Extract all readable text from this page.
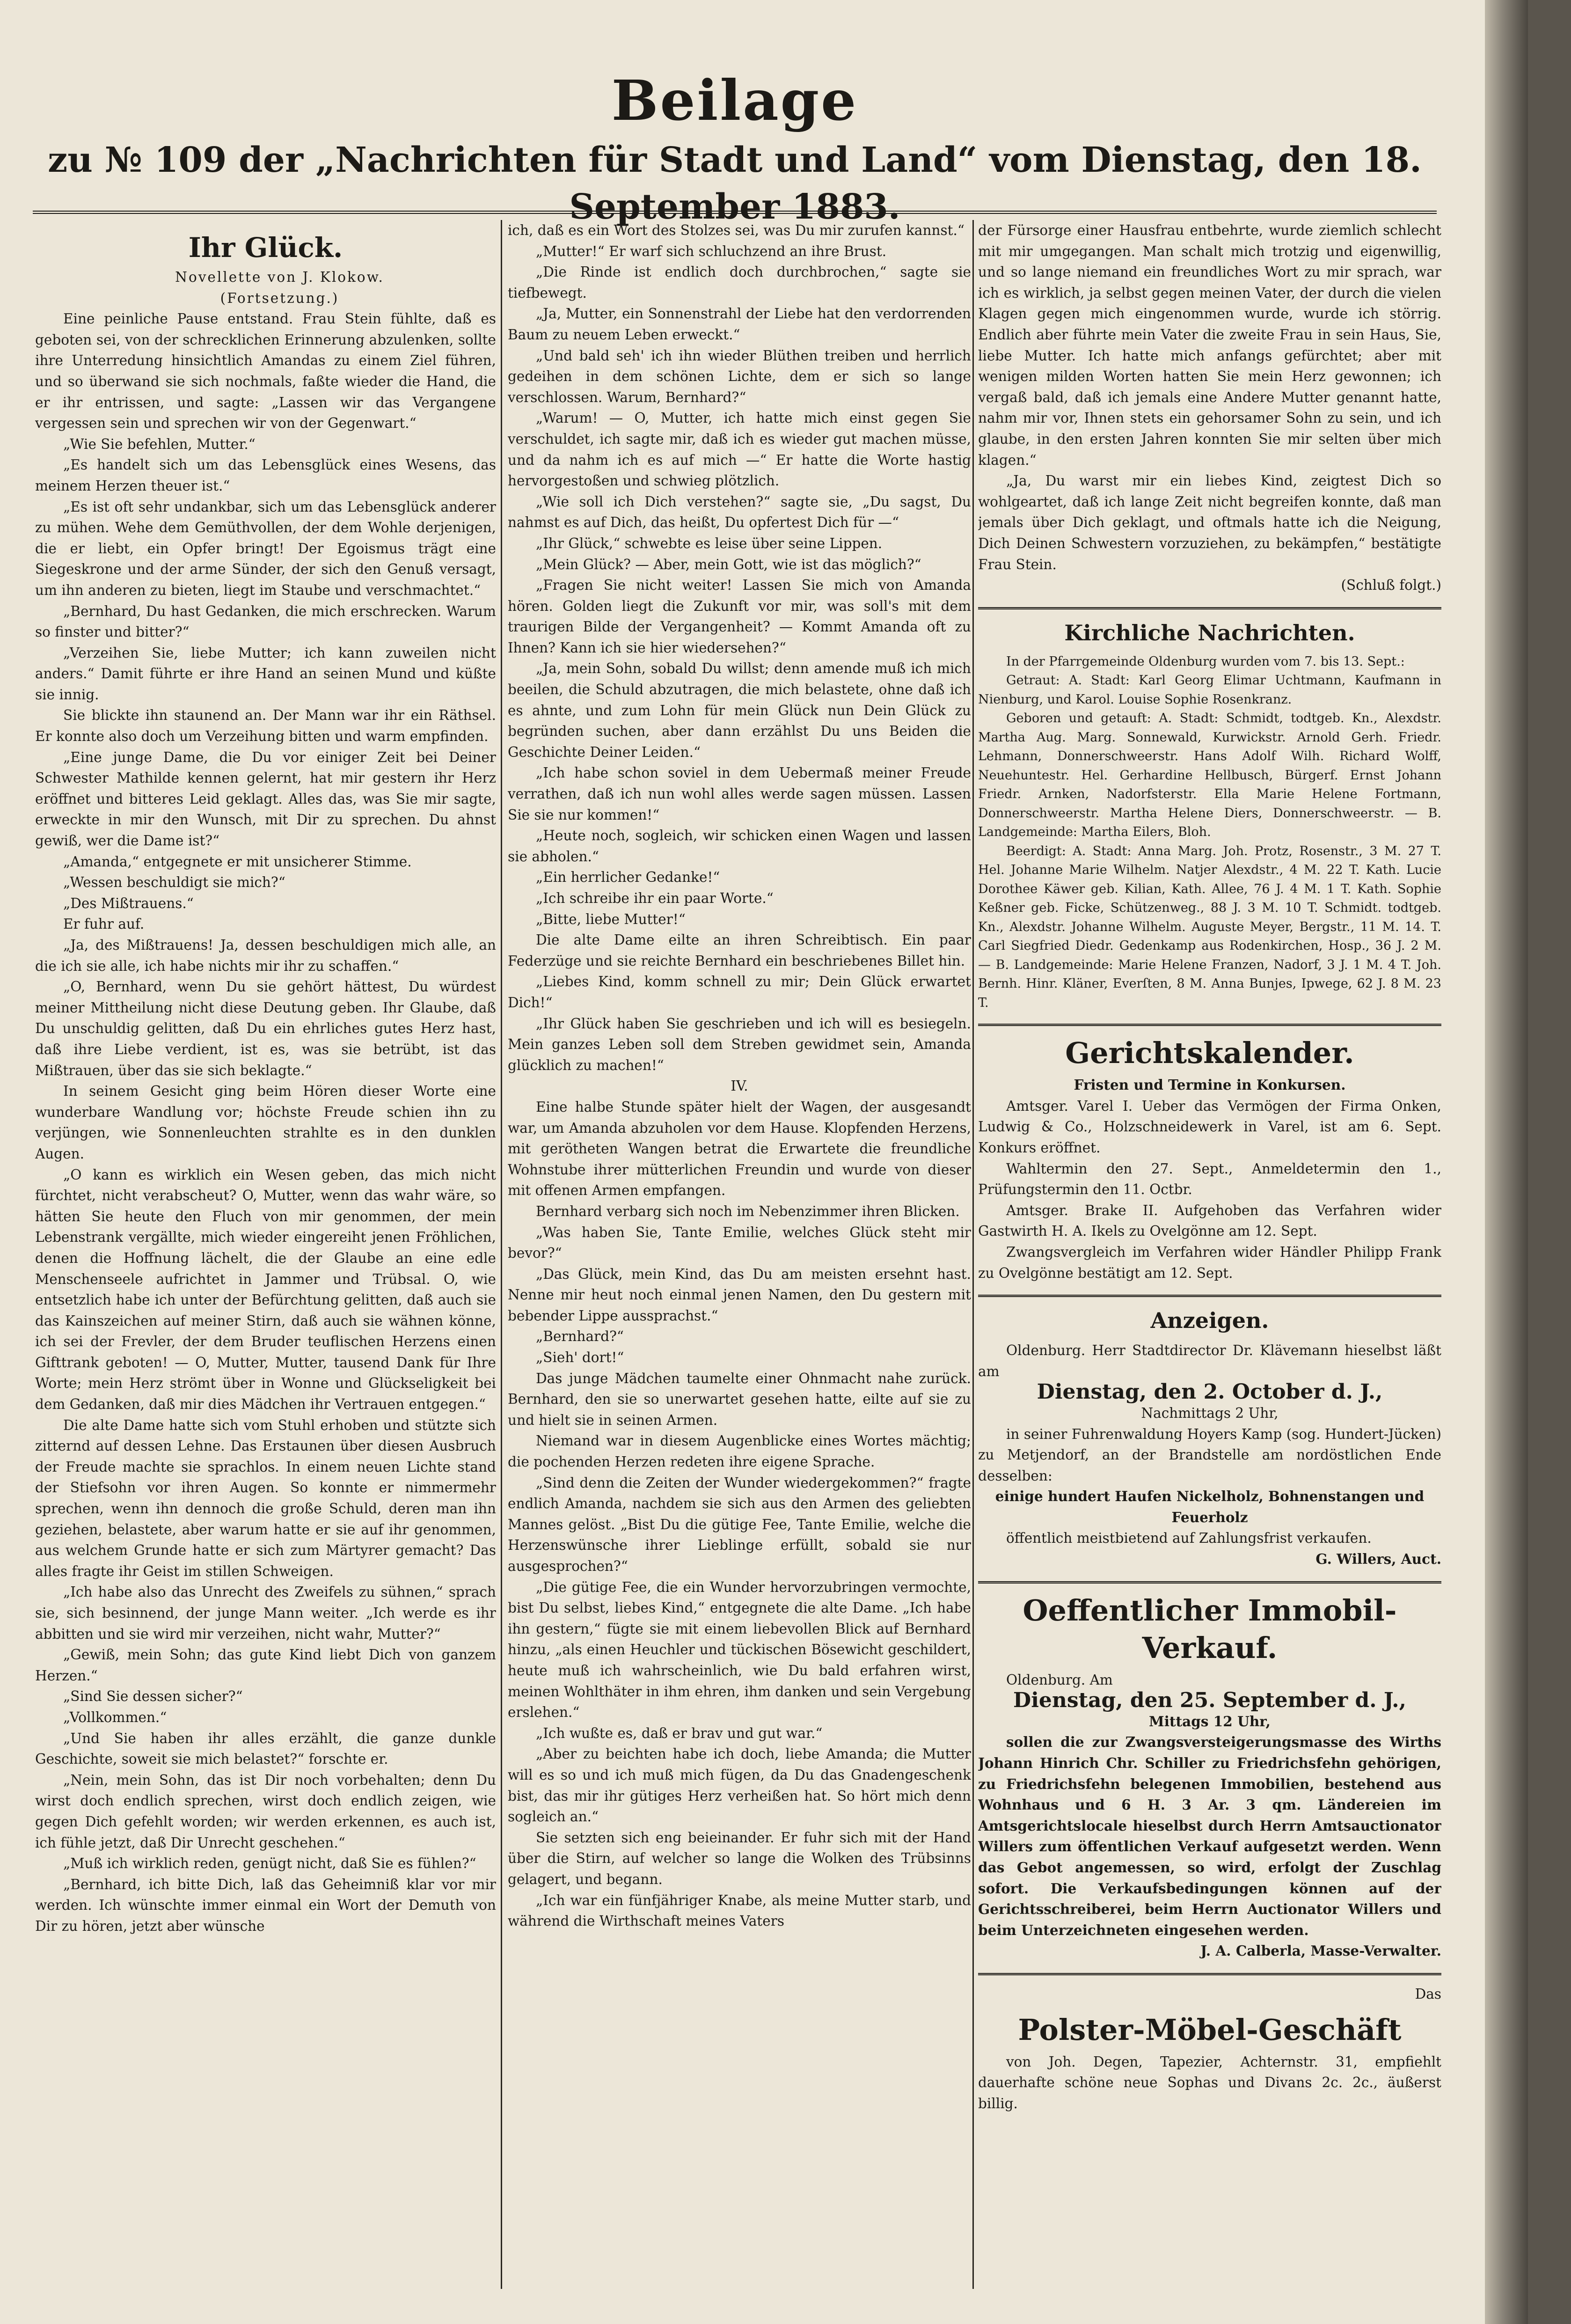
Beilage
zu № 109 der „Nachrichten für Stadt und Land“ vom Dienstag, den 18. September 1883.
Ihr Glück.

Novellette von J. Klokow.

(Fortsetzung.)

Eine peinliche Pause entstand. Frau Stein fühlte, daß es geboten sei, von der schrecklichen Erinnerung abzulenken, sollte ihre Unterredung hinsichtlich Amandas zu einem Ziel führen, und so überwand sie sich nochmals, faßte wieder die Hand, die er ihr entrissen, und sagte: „Lassen wir das Vergangene vergessen sein und sprechen wir von der Gegenwart.“

„Wie Sie befehlen, Mutter.“

„Es handelt sich um das Lebensglück eines Wesens, das meinem Herzen theuer ist.“

„Es ist oft sehr undankbar, sich um das Lebensglück anderer zu mühen. Wehe dem Gemüthvollen, der dem Wohle derjenigen, die er liebt, ein Opfer bringt! Der Egoismus trägt eine Siegeskrone und der arme Sünder, der sich den Genuß versagt, um ihn anderen zu bieten, liegt im Staube und verschmachtet.“

„Bernhard, Du hast Gedanken, die mich erschrecken. Warum so finster und bitter?“

„Verzeihen Sie, liebe Mutter; ich kann zuweilen nicht anders.“ Damit führte er ihre Hand an seinen Mund und küßte sie innig.

Sie blickte ihn staunend an. Der Mann war ihr ein Räthsel. Er konnte also doch um Verzeihung bitten und warm empfinden.

„Eine junge Dame, die Du vor einiger Zeit bei Deiner Schwester Mathilde kennen gelernt, hat mir gestern ihr Herz eröffnet und bitteres Leid geklagt. Alles das, was Sie mir sagte, erweckte in mir den Wunsch, mit Dir zu sprechen. Du ahnst gewiß, wer die Dame ist?“

„Amanda,“ entgegnete er mit unsicherer Stimme.

„Wessen beschuldigt sie mich?“

„Des Mißtrauens.“

Er fuhr auf.

„Ja, des Mißtrauens! Ja, dessen beschuldigen mich alle, an die ich sie alle, ich habe nichts mir ihr zu schaffen.“

„O, Bernhard, wenn Du sie gehört hättest, Du würdest meiner Mittheilung nicht diese Deutung geben. Ihr Glaube, daß Du unschuldig gelitten, daß Du ein ehrliches gutes Herz hast, daß ihre Liebe verdient, ist es, was sie betrübt, ist das Mißtrauen, über das sie sich beklagte.“

In seinem Gesicht ging beim Hören dieser Worte eine wunderbare Wandlung vor; höchste Freude schien ihn zu verjüngen, wie Sonnenleuchten strahlte es in den dunklen Augen.

„O kann es wirklich ein Wesen geben, das mich nicht fürchtet, nicht verabscheut? O, Mutter, wenn das wahr wäre, so hätten Sie heute den Fluch von mir genommen, der mein Lebenstrank vergällte, mich wieder eingereiht jenen Fröhlichen, denen die Hoffnung lächelt, die der Glaube an eine edle Menschenseele aufrichtet in Jammer und Trübsal. O, wie entsetzlich habe ich unter der Befürchtung gelitten, daß auch sie das Kainszeichen auf meiner Stirn, daß auch sie wähnen könne, ich sei der Frevler, der dem Bruder teuflischen Herzens einen Gifttrank geboten! — O, Mutter, Mutter, tausend Dank für Ihre Worte; mein Herz strömt über in Wonne und Glückseligkeit bei dem Gedanken, daß mir dies Mädchen ihr Vertrauen entgegen.“

Die alte Dame hatte sich vom Stuhl erhoben und stützte sich zitternd auf dessen Lehne. Das Erstaunen über diesen Ausbruch der Freude machte sie sprachlos. In einem neuen Lichte stand der Stiefsohn vor ihren Augen. So konnte er nimmermehr sprechen, wenn ihn dennoch die große Schuld, deren man ihn geziehen, belastete, aber warum hatte er sie auf ihr genommen, aus welchem Grunde hatte er sich zum Märtyrer gemacht? Das alles fragte ihr Geist im stillen Schweigen.

„Ich habe also das Unrecht des Zweifels zu sühnen,“ sprach sie, sich besinnend, der junge Mann weiter. „Ich werde es ihr abbitten und sie wird mir verzeihen, nicht wahr, Mutter?“

„Gewiß, mein Sohn; das gute Kind liebt Dich von ganzem Herzen.“

„Sind Sie dessen sicher?“

„Vollkommen.“

„Und Sie haben ihr alles erzählt, die ganze dunkle Geschichte, soweit sie mich belastet?“ forschte er.

„Nein, mein Sohn, das ist Dir noch vorbehalten; denn Du wirst doch endlich sprechen, wirst doch endlich zeigen, wie gegen Dich gefehlt worden; wir werden erkennen, es auch ist, ich fühle jetzt, daß Dir Unrecht geschehen.“

„Muß ich wirklich reden, genügt nicht, daß Sie es fühlen?“

„Bernhard, ich bitte Dich, laß das Geheimniß klar vor mir werden. Ich wünschte immer einmal ein Wort der Demuth von Dir zu hören, jetzt aber wünsche

ich, daß es ein Wort des Stolzes sei, was Du mir zurufen kannst.“

„Mutter!“ Er warf sich schluchzend an ihre Brust.

„Die Rinde ist endlich doch durchbrochen,“ sagte sie tiefbewegt.

„Ja, Mutter, ein Sonnenstrahl der Liebe hat den verdorrenden Baum zu neuem Leben erweckt.“

„Und bald seh' ich ihn wieder Blüthen treiben und herrlich gedeihen in dem schönen Lichte, dem er sich so lange verschlossen. Warum, Bernhard?“

„Warum! — O, Mutter, ich hatte mich einst gegen Sie verschuldet, ich sagte mir, daß ich es wieder gut machen müsse, und da nahm ich es auf mich —“ Er hatte die Worte hastig hervorgestoßen und schwieg plötzlich.

„Wie soll ich Dich verstehen?“ sagte sie, „Du sagst, Du nahmst es auf Dich, das heißt, Du opfertest Dich für —“

„Ihr Glück,“ schwebte es leise über seine Lippen.

„Mein Glück? — Aber, mein Gott, wie ist das möglich?“

„Fragen Sie nicht weiter! Lassen Sie mich von Amanda hören. Golden liegt die Zukunft vor mir, was soll's mit dem traurigen Bilde der Vergangenheit? — Kommt Amanda oft zu Ihnen? Kann ich sie hier wiedersehen?“

„Ja, mein Sohn, sobald Du willst; denn amende muß ich mich beeilen, die Schuld abzutragen, die mich belastete, ohne daß ich es ahnte, und zum Lohn für mein Glück nun Dein Glück zu begründen suchen, aber dann erzählst Du uns Beiden die Geschichte Deiner Leiden.“

„Ich habe schon soviel in dem Uebermaß meiner Freude verrathen, daß ich nun wohl alles werde sagen müssen. Lassen Sie sie nur kommen!“

„Heute noch, sogleich, wir schicken einen Wagen und lassen sie abholen.“

„Ein herrlicher Gedanke!“

„Ich schreibe ihr ein paar Worte.“

„Bitte, liebe Mutter!“

Die alte Dame eilte an ihren Schreibtisch. Ein paar Federzüge und sie reichte Bernhard ein beschriebenes Billet hin.

„Liebes Kind, komm schnell zu mir; Dein Glück erwartet Dich!“

„Ihr Glück haben Sie geschrieben und ich will es besiegeln. Mein ganzes Leben soll dem Streben gewidmet sein, Amanda glücklich zu machen!“

IV.

Eine halbe Stunde später hielt der Wagen, der ausgesandt war, um Amanda abzuholen vor dem Hause. Klopfenden Herzens, mit gerötheten Wangen betrat die Erwartete die freundliche Wohnstube ihrer mütterlichen Freundin und wurde von dieser mit offenen Armen empfangen.

Bernhard verbarg sich noch im Nebenzimmer ihren Blicken.

„Was haben Sie, Tante Emilie, welches Glück steht mir bevor?“

„Das Glück, mein Kind, das Du am meisten ersehnt hast. Nenne mir heut noch einmal jenen Namen, den Du gestern mit bebender Lippe aussprachst.“

„Bernhard?“

„Sieh' dort!“

Das junge Mädchen taumelte einer Ohnmacht nahe zurück. Bernhard, den sie so unerwartet gesehen hatte, eilte auf sie zu und hielt sie in seinen Armen.

Niemand war in diesem Augenblicke eines Wortes mächtig; die pochenden Herzen redeten ihre eigene Sprache.

„Sind denn die Zeiten der Wunder wiedergekommen?“ fragte endlich Amanda, nachdem sie sich aus den Armen des geliebten Mannes gelöst. „Bist Du die gütige Fee, Tante Emilie, welche die Herzenswünsche ihrer Lieblinge erfüllt, sobald sie nur ausgesprochen?“

„Die gütige Fee, die ein Wunder hervorzubringen vermochte, bist Du selbst, liebes Kind,“ entgegnete die alte Dame. „Ich habe ihn gestern,“ fügte sie mit einem liebevollen Blick auf Bernhard hinzu, „als einen Heuchler und tückischen Bösewicht geschildert, heute muß ich wahrscheinlich, wie Du bald erfahren wirst, meinen Wohlthäter in ihm ehren, ihm danken und sein Vergebung erslehen.“

„Ich wußte es, daß er brav und gut war.“

„Aber zu beichten habe ich doch, liebe Amanda; die Mutter will es so und ich muß mich fügen, da Du das Gnadengeschenk bist, das mir ihr gütiges Herz verheißen hat. So hört mich denn sogleich an.“

Sie setzten sich eng beieinander. Er fuhr sich mit der Hand über die Stirn, auf welcher so lange die Wolken des Trübsinns gelagert, und begann.

„Ich war ein fünfjähriger Knabe, als meine Mutter starb, und während die Wirthschaft meines Vaters

der Fürsorge einer Hausfrau entbehrte, wurde ziemlich schlecht mit mir umgegangen. Man schalt mich trotzig und eigenwillig, und so lange niemand ein freundliches Wort zu mir sprach, war ich es wirklich, ja selbst gegen meinen Vater, der durch die vielen Klagen gegen mich eingenommen wurde, wurde ich störrig. Endlich aber führte mein Vater die zweite Frau in sein Haus, Sie, liebe Mutter. Ich hatte mich anfangs gefürchtet; aber mit wenigen milden Worten hatten Sie mein Herz gewonnen; ich vergaß bald, daß ich jemals eine Andere Mutter genannt hatte, nahm mir vor, Ihnen stets ein gehorsamer Sohn zu sein, und ich glaube, in den ersten Jahren konnten Sie mir selten über mich klagen.“

„Ja, Du warst mir ein liebes Kind, zeigtest Dich so wohlgeartet, daß ich lange Zeit nicht begreifen konnte, daß man jemals über Dich geklagt, und oftmals hatte ich die Neigung, Dich Deinen Schwestern vorzuziehen, zu bekämpfen,“ bestätigte Frau Stein.

(Schluß folgt.)

Kirchliche Nachrichten.

In der Pfarrgemeinde Oldenburg wurden vom 7. bis 13. Sept.:

Getraut: A. Stadt: Karl Georg Elimar Uchtmann, Kaufmann in Nienburg, und Karol. Louise Sophie Rosenkranz.

Geboren und getauft: A. Stadt: Schmidt, todtgeb. Kn., Alexdstr. Martha Aug. Marg. Sonnewald, Kurwickstr. Arnold Gerh. Friedr. Lehmann, Donnerschweerstr. Hans Adolf Wilh. Richard Wolff, Neuehuntestr. Hel. Gerhardine Hellbusch, Bürgerf. Ernst Johann Friedr. Arnken, Nadorfsterstr. Ella Marie Helene Fortmann, Donnerschweerstr. Martha Helene Diers, Donnerschweerstr. — B. Landgemeinde: Martha Eilers, Bloh.

Beerdigt: A. Stadt: Anna Marg. Joh. Protz, Rosenstr., 3 M. 27 T. Hel. Johanne Marie Wilhelm. Natjer Alexdstr., 4 M. 22 T. Kath. Lucie Dorothee Käwer geb. Kilian, Kath. Allee, 76 J. 4 M. 1 T. Kath. Sophie Keßner geb. Ficke, Schützenweg., 88 J. 3 M. 10 T. Schmidt. todtgeb. Kn., Alexdstr. Johanne Wilhelm. Auguste Meyer, Bergstr., 11 M. 14. T. Carl Siegfried Diedr. Gedenkamp aus Rodenkirchen, Hosp., 36 J. 2 M. — B. Landgemeinde: Marie Helene Franzen, Nadorf, 3 J. 1 M. 4 T. Joh. Bernh. Hinr. Kläner, Everſten, 8 M. Anna Bunjes, Ipwege, 62 J. 8 M. 23 T.

Gerichtskalender.

Fristen und Termine in Konkursen.

Amtsger. Varel I. Ueber das Vermögen der Firma Onken, Ludwig & Co., Holzschneidewerk in Varel, ist am 6. Sept. Konkurs eröffnet.

Wahltermin den 27. Sept., Anmeldetermin den 1., Prüfungstermin den 11. Octbr.

Amtsger. Brake II. Aufgehoben das Verfahren wider Gastwirth H. A. Ikels zu Ovelgönne am 12. Sept.

Zwangsvergleich im Verfahren wider Händler Philipp Frank zu Ovelgönne bestätigt am 12. Sept.

Anzeigen.

Oldenburg. Herr Stadtdirector Dr. Klävemann hieselbst läßt am

Dienstag, den 2. October d. J.,

Nachmittags 2 Uhr,

in seiner Fuhrenwaldung Hoyers Kamp (sog. Hundert-Jücken) zu Metjendorf, an der Brandstelle am nordöstlichen Ende desselben:

einige hundert Haufen Nickelholz, Bohnenstangen und Feuerholz

öffentlich meistbietend auf Zahlungsfrist verkaufen.

G. Willers, Auct.

Oeffentlicher Immobil-Verkauf.

Oldenburg. Am

Dienstag, den 25. September d. J.,

Mittags 12 Uhr,

sollen die zur Zwangsversteigerungsmasse des Wirths Johann Hinrich Chr. Schiller zu Friedrichsfehn gehörigen, zu Friedrichsfehn belegenen Immobilien, bestehend aus Wohnhaus und 6 H. 3 Ar. 3 qm. Ländereien im Amtsgerichtslocale hieselbst durch Herrn Amtsauctionator Willers zum öffentlichen Verkauf aufgesetzt werden. Wenn das Gebot angemessen, so wird, erfolgt der Zuschlag sofort. Die Verkaufsbedingungen können auf der Gerichtsschreiberei, beim Herrn Auctionator Willers und beim Unterzeichneten eingesehen werden.

J. A. Calberla, Masse-Verwalter.

Das

Polster-Möbel-Geschäft

von Joh. Degen, Tapezier, Achternstr. 31, empfiehlt dauerhafte schöne neue Sophas und Divans 2c. 2c., äußerst billig.
